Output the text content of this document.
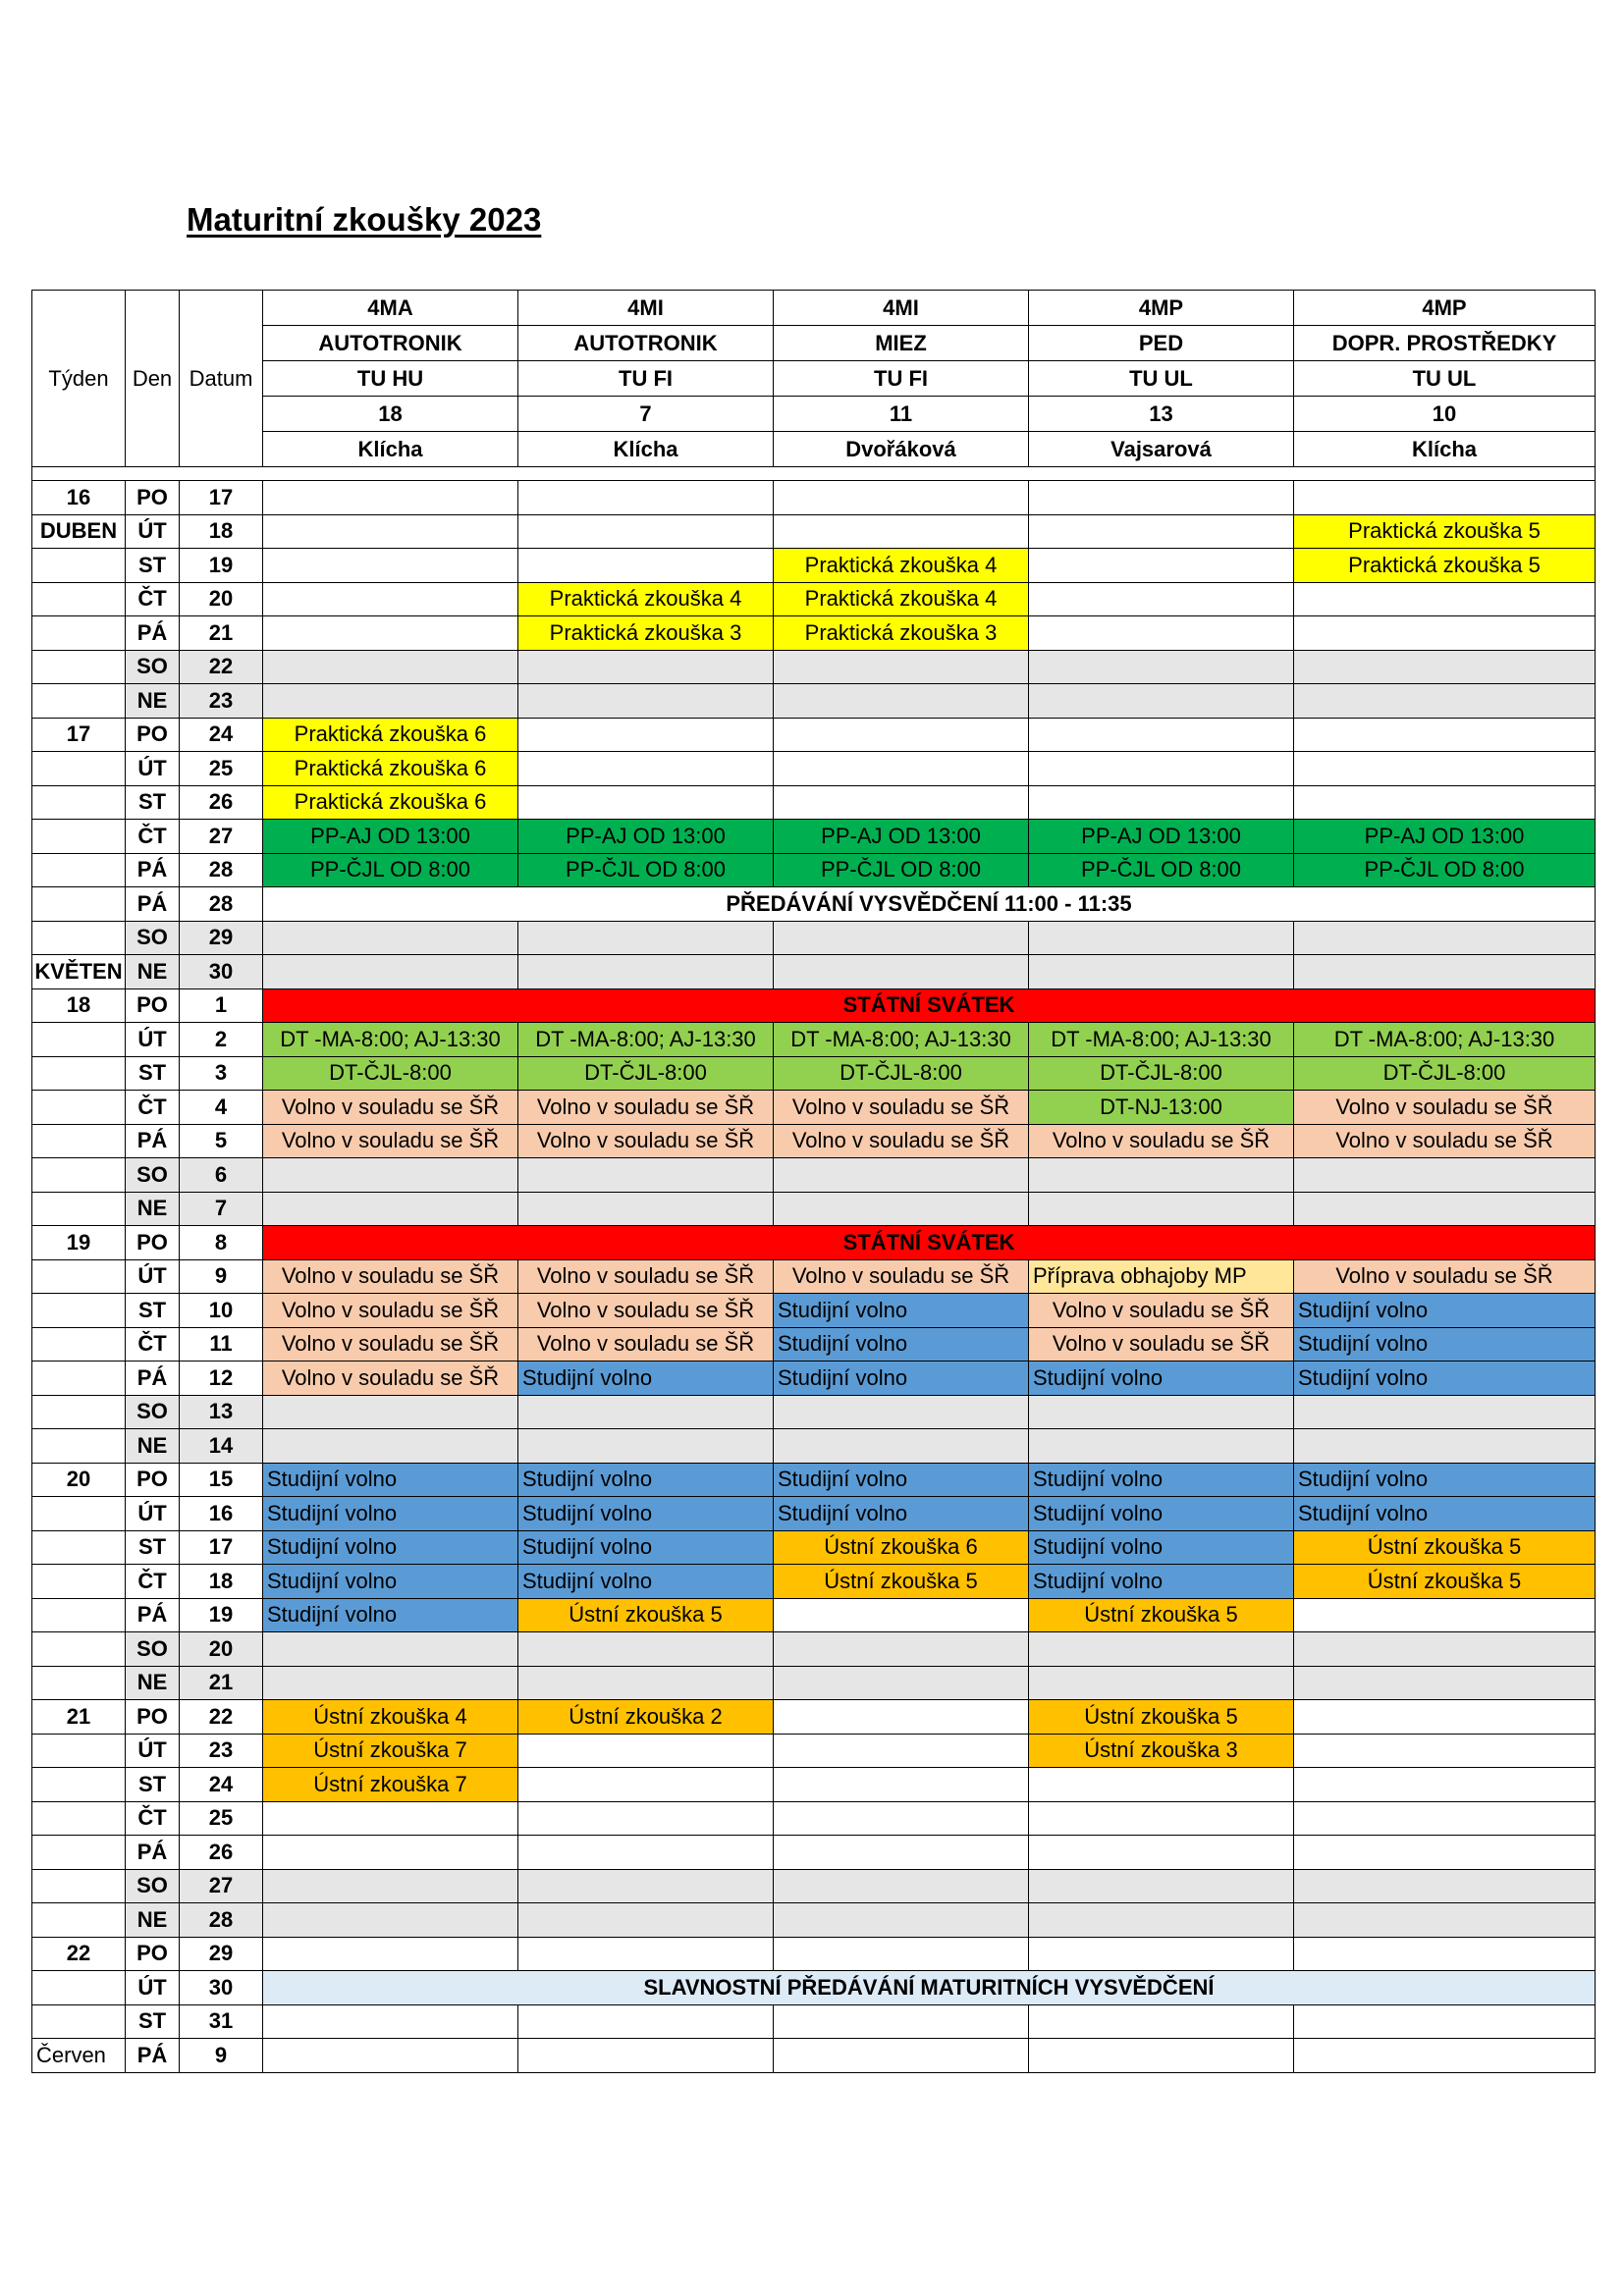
Maturitní zkoušky 2023
Týden	Den	Datum	4MA	4MI	4MI	4MP	4MP
			AUTOTRONIK	AUTOTRONIK	MIEZ	PED	DOPR. PROSTŘEDKY
			TU HU	TU FI	TU FI	TU UL	TU UL
			18	7	11	13	10
			Klícha	Klícha	Dvořáková	Vajsarová	Klícha

16	PO	17					
DUBEN	ÚT	18					Praktická zkouška 5
	ST	19			Praktická zkouška 4		Praktická zkouška 5
	ČT	20		Praktická zkouška 4	Praktická zkouška 4		
	PÁ	21		Praktická zkouška 3	Praktická zkouška 3		
	SO	22					
	NE	23					
17	PO	24	Praktická zkouška 6				
	ÚT	25	Praktická zkouška 6				
	ST	26	Praktická zkouška 6				
	ČT	27	PP-AJ OD 13:00	PP-AJ OD 13:00	PP-AJ OD 13:00	PP-AJ OD 13:00	PP-AJ OD 13:00
	PÁ	28	PP-ČJL OD 8:00	PP-ČJL OD 8:00	PP-ČJL OD 8:00	PP-ČJL OD 8:00	PP-ČJL OD 8:00
	PÁ	28	PŘEDÁVÁNÍ VYSVĚDČENÍ 11:00 - 11:35				
	SO	29					
KVĚTEN	NE	30					
18	PO	1	STÁTNÍ SVÁTEK				
	ÚT	2	DT -MA-8:00; AJ-13:30	DT -MA-8:00; AJ-13:30	DT -MA-8:00; AJ-13:30	DT -MA-8:00; AJ-13:30	DT -MA-8:00; AJ-13:30
	ST	3	DT-ČJL-8:00	DT-ČJL-8:00	DT-ČJL-8:00	DT-ČJL-8:00	DT-ČJL-8:00
	ČT	4	Volno v souladu se ŠŘ	Volno v souladu se ŠŘ	Volno v souladu se ŠŘ	DT-NJ-13:00	Volno v souladu se ŠŘ
	PÁ	5	Volno v souladu se ŠŘ	Volno v souladu se ŠŘ	Volno v souladu se ŠŘ	Volno v souladu se ŠŘ	Volno v souladu se ŠŘ
	SO	6					
	NE	7					
19	PO	8	STÁTNÍ SVÁTEK				
	ÚT	9	Volno v souladu se ŠŘ	Volno v souladu se ŠŘ	Volno v souladu se ŠŘ	Příprava obhajoby MP	Volno v souladu se ŠŘ
	ST	10	Volno v souladu se ŠŘ	Volno v souladu se ŠŘ	Studijní volno	Volno v souladu se ŠŘ	Studijní volno
	ČT	11	Volno v souladu se ŠŘ	Volno v souladu se ŠŘ	Studijní volno	Volno v souladu se ŠŘ	Studijní volno
	PÁ	12	Volno v souladu se ŠŘ	Studijní volno	Studijní volno	Studijní volno	Studijní volno
	SO	13					
	NE	14					
20	PO	15	Studijní volno	Studijní volno	Studijní volno	Studijní volno	Studijní volno
	ÚT	16	Studijní volno	Studijní volno	Studijní volno	Studijní volno	Studijní volno
	ST	17	Studijní volno	Studijní volno	Ústní zkouška 6	Studijní volno	Ústní zkouška 5
	ČT	18	Studijní volno	Studijní volno	Ústní zkouška 5	Studijní volno	Ústní zkouška 5
	PÁ	19	Studijní volno	Ústní zkouška 5		Ústní zkouška 5	
	SO	20					
	NE	21					
21	PO	22	Ústní zkouška 4	Ústní zkouška 2		Ústní zkouška 5	
	ÚT	23	Ústní zkouška 7			Ústní zkouška 3	
	ST	24	Ústní zkouška 7				
	ČT	25					
	PÁ	26					
	SO	27					
	NE	28					
22	PO	29					
	ÚT	30	SLAVNOSTNÍ PŘEDÁVÁNÍ MATURITNÍCH VYSVĚDČENÍ				
	ST	31					
Červen	PÁ	9					
